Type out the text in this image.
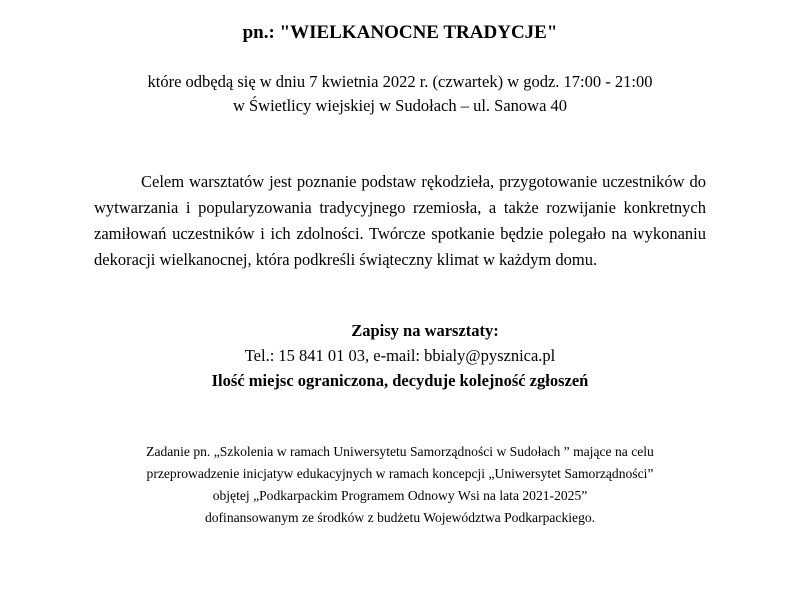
pn.: "WIELKANOCNE TRADYCJE"
które odbędą się w dniu 7 kwietnia 2022 r. (czwartek) w godz. 17:00 - 21:00
w Świetlicy wiejskiej w Sudołach – ul. Sanowa 40

Celem warsztatów jest poznanie podstaw rękodzieła, przygotowanie uczestników do wytwarzania i popularyzowania tradycyjnego rzemiosła, a także rozwijanie konkretnych zamiłowań uczestników i ich zdolności. Twórcze spotkanie będzie polegało na wykonaniu dekoracji wielkanocnej, która podkreśli świąteczny klimat w każdym domu.

Zapisy na warsztaty:
Tel.: 15 841 01 03, e-mail: bbialy@pysznica.pl
Ilość miejsc ograniczona, decyduje kolejność zgłoszeń
Zadanie pn. „Szkolenia w ramach Uniwersytetu Samorządności w Sudołach ” mające na celu
przeprowadzenie inicjatyw edukacyjnych w ramach koncepcji „Uniwersytet Samorządności”
objętej „Podkarpackim Programem Odnowy Wsi na lata 2021-2025”
dofinansowanym ze środków z budżetu Województwa Podkarpackiego.
